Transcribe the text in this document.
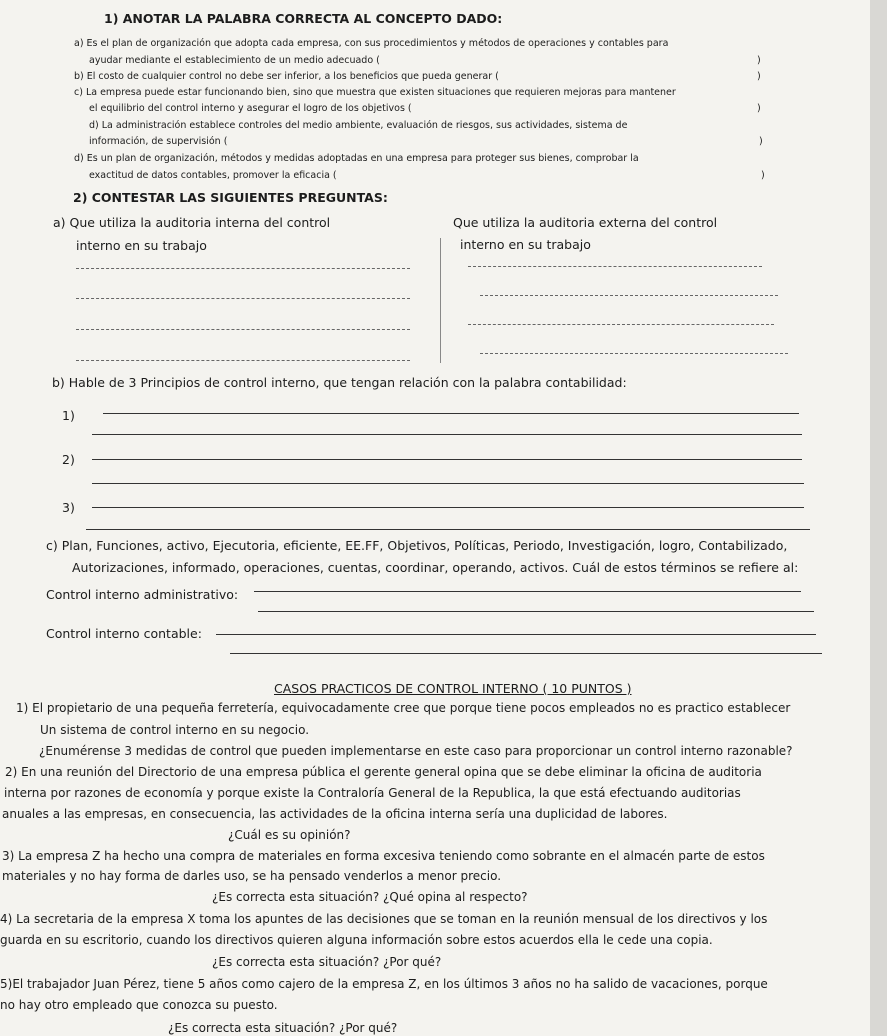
1) ANOTAR LA PALABRA CORRECTA AL CONCEPTO DADO:
a) Es el plan de organización que adopta cada empresa, con sus procedimientos y métodos de operaciones y contables para
ayudar mediante el establecimiento de un medio adecuado (	)
b) El costo de cualquier control no debe ser inferior, a los beneficios que pueda generar (	)
c) La empresa puede estar funcionando bien, sino que muestra que existen situaciones que requieren mejoras para mantener
el equilibrio del control interno y asegurar el logro de los objetivos (	)
d) La administración establece controles del medio ambiente, evaluación de riesgos, sus actividades, sistema de
información, de supervisión (	)
d) Es un plan de organización, métodos y medidas adoptadas en una empresa para proteger sus bienes, comprobar la
exactitud de datos contables, promover la eficacia (	)
2) CONTESTAR LAS SIGUIENTES PREGUNTAS:
a) Que utiliza la auditoria interna del control
interno en su trabajo
Que utiliza la auditoria externa del control
interno en su trabajo
b) Hable de 3 Principios de control interno, que tengan relación con la palabra contabilidad:
1)
2)
3)
c) Plan, Funciones, activo, Ejecutoria, eficiente, EE.FF, Objetivos, Políticas, Periodo, Investigación, logro, Contabilizado,
Autorizaciones, informado, operaciones, cuentas, coordinar, operando, activos. Cuál de estos términos se refiere al:
Control interno administrativo:
Control interno contable:
CASOS PRACTICOS DE CONTROL INTERNO ( 10 PUNTOS )
1) El propietario de una pequeña ferretería, equivocadamente cree que porque tiene pocos empleados no es practico establecer
Un sistema de control interno en su negocio.
¿Enumérense 3 medidas de control que pueden implementarse en este caso para proporcionar un control interno razonable?
2) En una reunión del Directorio de una empresa pública el gerente general opina que se debe eliminar la oficina de auditoria
interna por razones de economía y porque existe la Contraloría General de la Republica, la que está efectuando auditorias
anuales a las empresas, en consecuencia, las actividades de la oficina interna sería una duplicidad de labores.
¿Cuál es su opinión?
3) La empresa Z ha hecho una compra de materiales en forma excesiva teniendo como sobrante en el almacén parte de estos
materiales y no hay forma de darles uso, se ha pensado venderlos a menor precio.
¿Es correcta esta situación? ¿Qué opina al respecto?
4) La secretaria de la empresa X toma los apuntes de las decisiones que se toman en la reunión mensual de los directivos y los
guarda en su escritorio, cuando los directivos quieren alguna información sobre estos acuerdos ella le cede una copia.
¿Es correcta esta situación? ¿Por qué?
5)El trabajador Juan Pérez, tiene 5 años como cajero de la empresa Z, en los últimos 3 años no ha salido de vacaciones, porque
no hay otro empleado que conozca su puesto.
¿Es correcta esta situación? ¿Por qué?
